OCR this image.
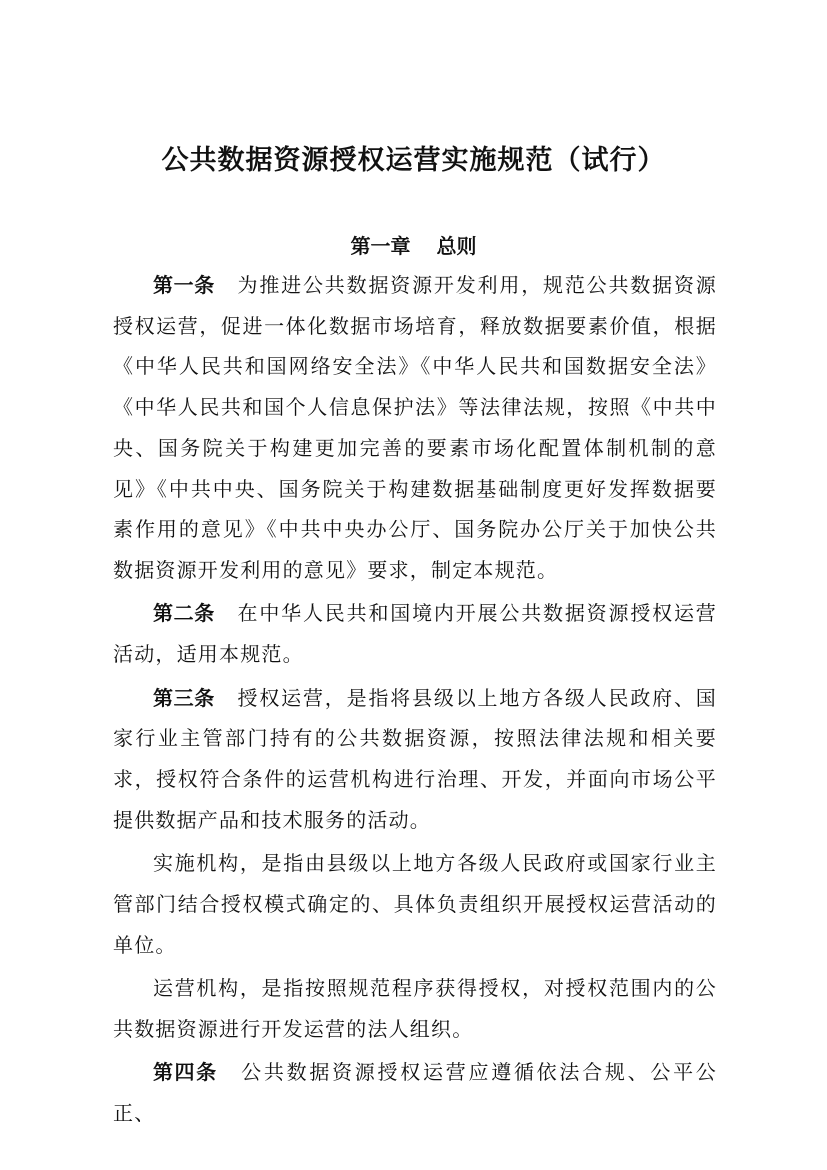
公共数据资源授权运营实施规范（试行）
第一章 总则

第一条 为推进公共数据资源开发利用，规范公共数据资源授权运营，促进一体化数据市场培育，释放数据要素价值，根据《中华人民共和国网络安全法》《中华人民共和国数据安全法》《中华人民共和国个人信息保护法》等法律法规，按照《中共中央、国务院关于构建更加完善的要素市场化配置体制机制的意见》《中共中央、国务院关于构建数据基础制度更好发挥数据要素作用的意见》《中共中央办公厅、国务院办公厅关于加快公共数据资源开发利用的意见》要求，制定本规范。

第二条 在中华人民共和国境内开展公共数据资源授权运营活动，适用本规范。

第三条 授权运营，是指将县级以上地方各级人民政府、国家行业主管部门持有的公共数据资源，按照法律法规和相关要求，授权符合条件的运营机构进行治理、开发，并面向市场公平提供数据产品和技术服务的活动。

实施机构，是指由县级以上地方各级人民政府或国家行业主管部门结合授权模式确定的、具体负责组织开展授权运营活动的单位。

运营机构，是指按照规范程序获得授权，对授权范围内的公共数据资源进行开发运营的法人组织。

第四条 公共数据资源授权运营应遵循依法合规、公平公正、
